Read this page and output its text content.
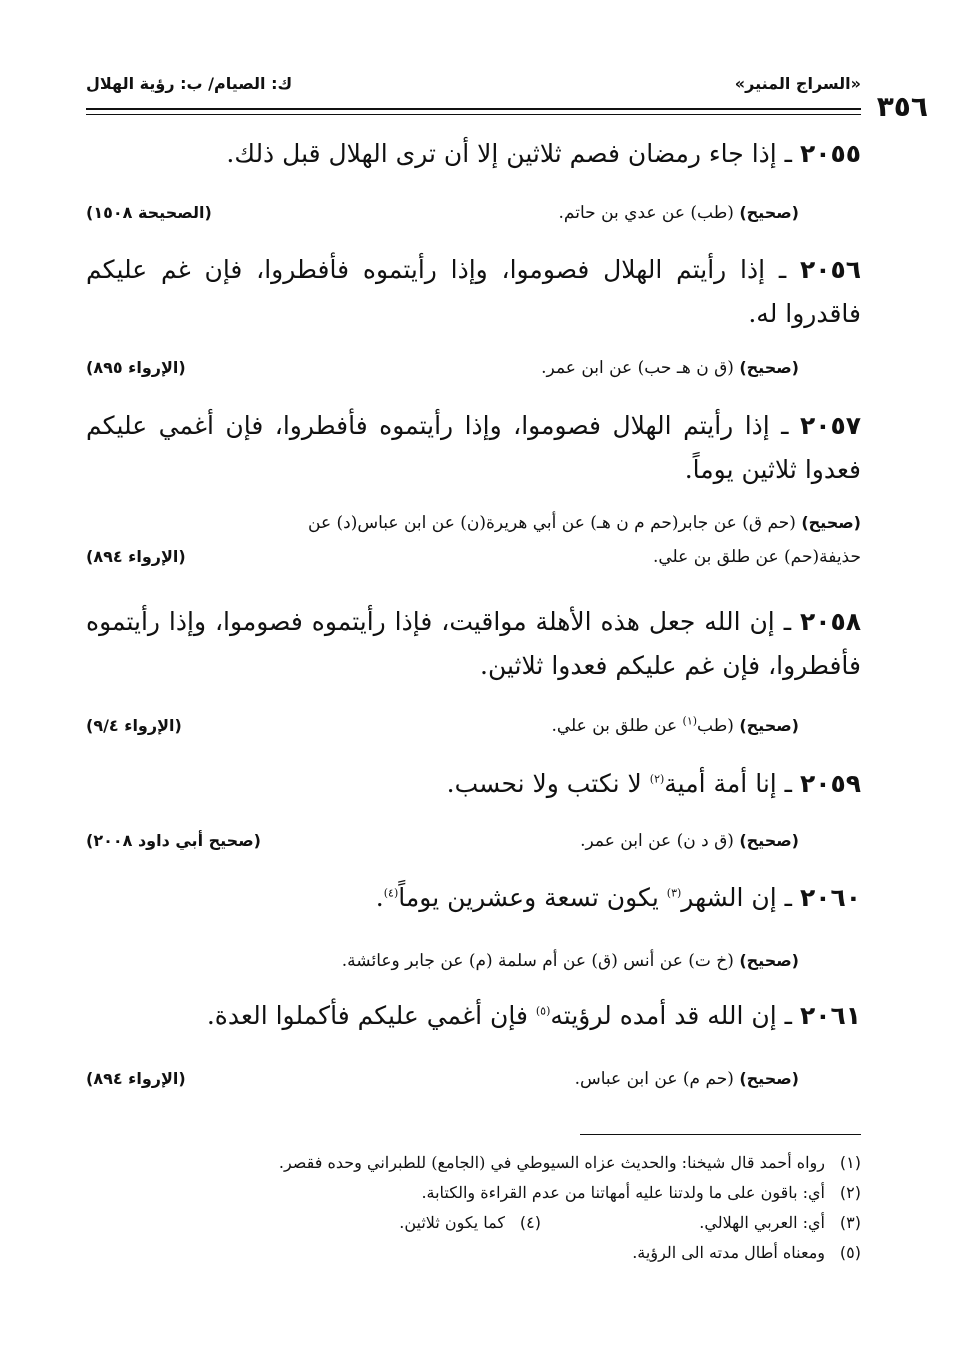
«السراج المنير»
ك: الصيام/ ب: رؤية الهلال
٣٥٦
٢٠٥٥ ـ إذا جاء رمضان فصم ثلاثين إلا أن ترى الهلال قبل ذلك.
(صحيح) (طب) عن عدي بن حاتم.
(الصحيحة ١٥٠٨)
٢٠٥٦ ـ إذا رأيتم الهلال فصوموا، وإذا رأيتموه فأفطروا، فإن غم عليكم فاقدروا له.
(صحيح) (ق ن هـ حب) عن ابن عمر.
(الإرواء ٨٩٥)
٢٠٥٧ ـ إذا رأيتم الهلال فصوموا، وإذا رأيتموه فأفطروا، فإن أغمي عليكم فعدوا ثلاثين يوماً.
(صحيح) (حم ق) عن جابر(حم م ن هـ) عن أبي هريرة(ن) عن ابن عباس(د) عن
حذيفة(حم) عن طلق بن علي.
(الإرواء ٨٩٤)
٢٠٥٨ ـ إن الله جعل هذه الأهلة مواقيت، فإذا رأيتموه فصوموا، وإذا رأيتموه فأفطروا، فإن غم عليكم فعدوا ثلاثين.
(صحيح) (طب$^{(١)}$ عن طلق بن علي.
(الإرواء ٩/٤)
٢٠٥٩ ـ إنا أمة أمية$^{(٢)}$ لا نكتب ولا نحسب.
(صحيح) (ق د ن) عن ابن عمر.
(صحيح أبي داود ٢٠٠٨)
٢٠٦٠ ـ إن الشهر$^{(٣)}$ يكون تسعة وعشرين يوماً$^{(٤)}$.
(صحيح) (خ ت) عن أنس (ق) عن أم سلمة (م) عن جابر وعائشة.
٢٠٦١ ـ إن الله قد أمده لرؤيته$^{(٥)}$ فإن أغمي عليكم فأكملوا العدة.
(صحيح) (حم م) عن ابن عباس.
(الإرواء ٨٩٤)
(١)رواه أحمد قال شيخنا: والحديث عزاه السيوطي في (الجامع) للطبراني وحده فقصر.
(٢)أي: باقون على ما ولدتنا عليه أمهاتنا من عدم القراءة والكتابة.
(٣)أي: العربي الهلالي.
(٤)كما يكون ثلاثين.
(٥)ومعناه أطال مدته الى الرؤية.
